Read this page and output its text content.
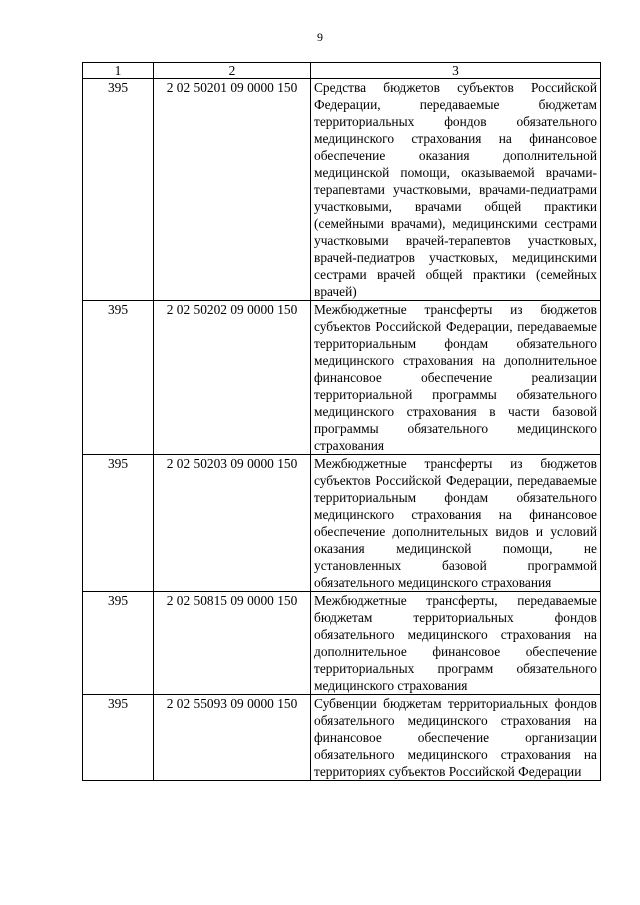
9
1	2	3
395	2 02 50201 09 0000 150	Средства бюджетов субъектов Российской Федерации, передаваемые бюджетам территориальных фондов обязательного медицинского страхования на финансовое обеспечение оказания дополнительной медицинской помощи, оказываемой врачами-терапевтами участковыми, врачами-педиатрами участковыми, врачами общей практики (семейными врачами), медицинскими сестрами участковыми врачей-терапевтов участковых, врачей-педиатров участковых, медицинскими сестрами врачей общей практики (семейных врачей)
395	2 02 50202 09 0000 150	Межбюджетные трансферты из бюджетов субъектов Российской Федерации, передаваемые территориальным фондам обязательного медицинского страхования на дополнительное финансовое обеспечение реализации территориальной программы обязательного медицинского страхования в части базовой программы обязательного медицинского страхования
395	2 02 50203 09 0000 150	Межбюджетные трансферты из бюджетов субъектов Российской Федерации, передаваемые территориальным фондам обязательного медицинского страхования на финансовое обеспечение дополнительных видов и условий оказания медицинской помощи, не установленных базовой программой обязательного медицинского страхования
395	2 02 50815 09 0000 150	Межбюджетные трансферты, передаваемые бюджетам территориальных фондов обязательного медицинского страхования на дополнительное финансовое обеспечение территориальных программ обязательного медицинского страхования
395	2 02 55093 09 0000 150	Субвенции бюджетам территориальных фондов обязательного медицинского страхования на финансовое обеспечение организации обязательного медицинского страхования на территориях субъектов Российской Федерации
